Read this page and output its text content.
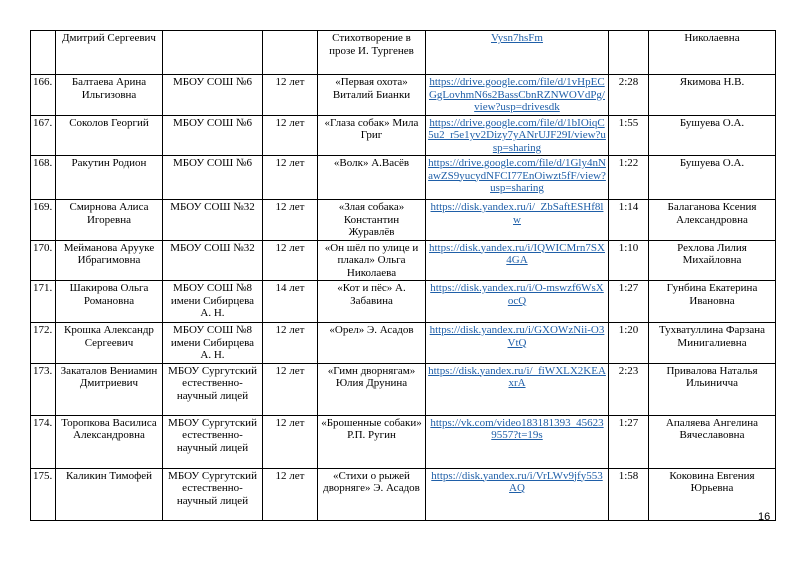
	Дмитрий Сергеевич			Стихотворение в прозе И. Тургенев	Vysn7hsFm		Николаевна
166.	Балтаева Арина Ильгизовна	МБОУ СОШ №6	12 лет	«Первая охота» Виталий Бианки	https://drive.google.com/file/d/1vHpECGgLovhmN6s2BassCbnRZNWOVdPg/view?usp=drivesdk	2:28	Якимова Н.В.
167.	Соколов Георгий	МБОУ СОШ №6	12 лет	«Глаза собак» Мила Григ	https://drive.google.com/file/d/1bIOiqC5u2_r5e1yv2Dizy7yANrUJF29I/view?usp=sharing	1:55	Бушуева О.А.
168.	Ракутин Родион	МБОУ СОШ №6	12 лет	«Волк» А.Васёв	https://drive.google.com/file/d/1Gly4nNawZS9yucydNFCI77EnOiwzt5fF/view?usp=sharing	1:22	Бушуева О.А.
169.	Смирнова Алиса Игоревна	МБОУ СОШ №32	12 лет	«Злая собака» Константин Журавлёв	https://disk.yandex.ru/i/_ZbSaftESHf8lw	1:14	Балаганова Ксения Александровна
170.	Мейманова Арууке Ибрагимовна	МБОУ СОШ №32	12 лет	«Он шёл по улице и плакал» Ольга Николаева	https://disk.yandex.ru/i/IQWICMrn7SX4GA	1:10	Рехлова Лилия Михайловна
171.	Шакирова Ольга Романовна	МБОУ СОШ №8 имени Сибирцева А. Н.	14 лет	«Кот и пёс» А. Забавина	https://disk.yandex.ru/i/O-mswzf6WsXocQ	1:27	Гунбина Екатерина Ивановна
172.	Крошка Александр Сергеевич	МБОУ СОШ №8 имени Сибирцева А. Н.	12 лет	«Орел» Э. Асадов	https://disk.yandex.ru/i/GXOWzNii-O3VtQ	1:20	Тухватуллина Фарзана Минигалиевна
173.	Закаталов Вениамин Дмитриевич	МБОУ Сургутский естественно-научный лицей	12 лет	«Гимн дворнягам» Юлия Друнина	https://disk.yandex.ru/i/_fiWXLX2KEAxrA	2:23	Привалова Наталья Ильиничча
174.	Торопкова Василиса Александровна	МБОУ Сургутский естественно-научный лицей	12 лет	«Брошенные собаки» Р.П. Ругин	https://vk.com/video183181393_456239557?t=19s	1:27	Апаляева Ангелина Вячеславовна
175.	Каликин Тимофей	МБОУ Сургутский естественно-научный лицей	12 лет	«Стихи о рыжей дворняге» Э. Асадов	https://disk.yandex.ru/i/VrLWv9jfy553AQ	1:58	Коковина Евгения Юрьевна
16
